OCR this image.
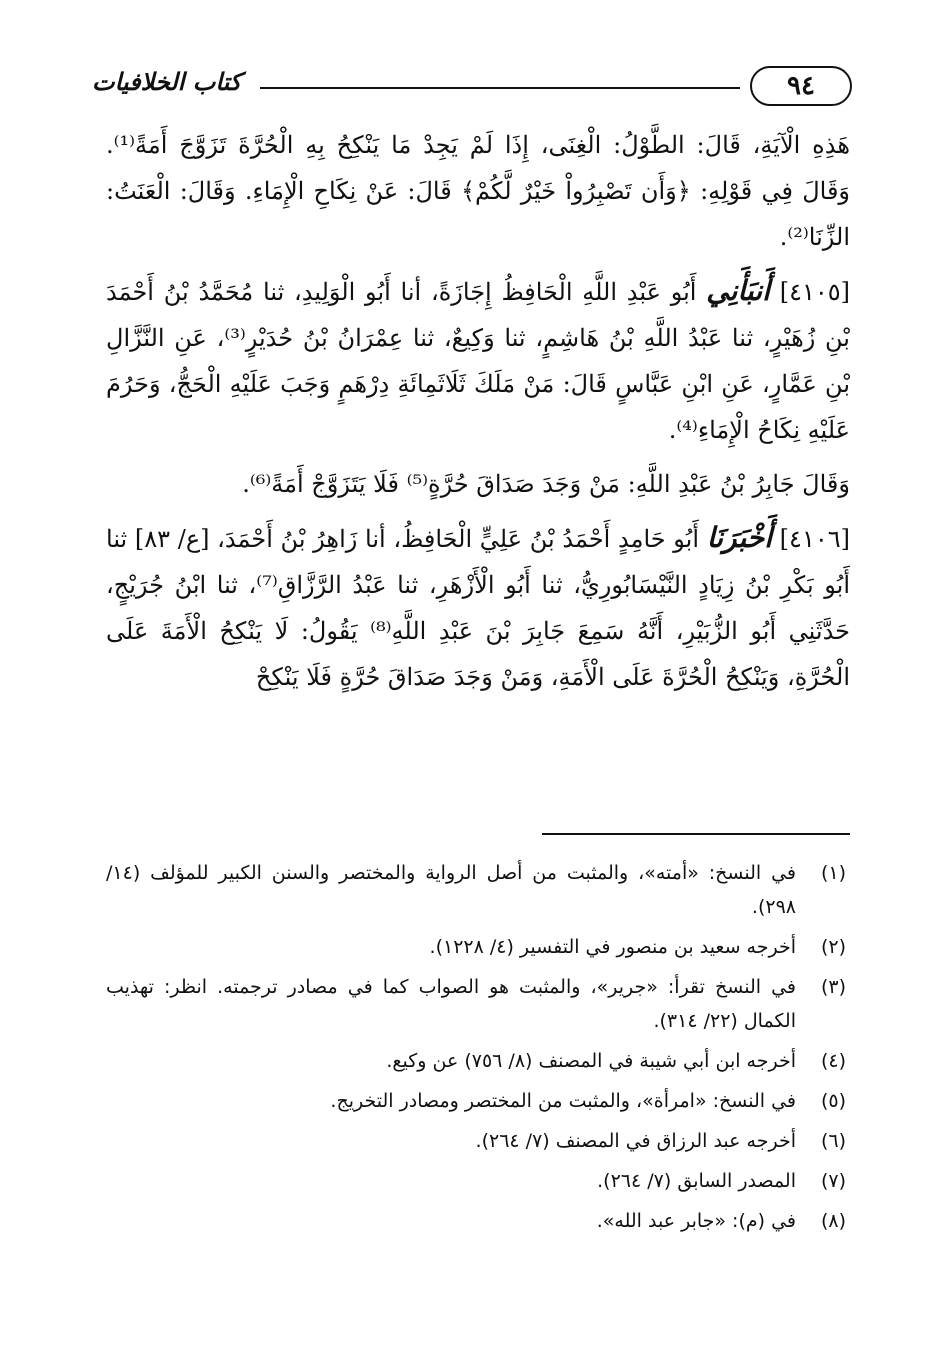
٩٤
كتاب الخلافيات

هَذِهِ الْآيَةِ، قَالَ: الطَّوْلُ: الْغِنَى، إِذَا لَمْ يَجِدْ مَا يَنْكِحُ بِهِ الْحُرَّةَ تَزَوَّجَ أَمَةً⁽¹⁾. وَقَالَ فِي قَوْلِهِ: ﴿وَأَن تَصْبِرُواْ خَيْرٌ لَّكُمْ﴾ قَالَ: عَنْ نِكَاحِ الْإِمَاءِ. وَقَالَ: الْعَنَتُ: الزِّنَا⁽²⁾.

[٤١٠٥] أَنبَأَنِي أَبُو عَبْدِ اللَّهِ الْحَافِظُ إِجَازَةً، أنا أَبُو الْوَلِيدِ، ثنا مُحَمَّدُ بْنُ أَحْمَدَ بْنِ زُهَيْرٍ، ثنا عَبْدُ اللَّهِ بْنُ هَاشِمٍ، ثنا وَكِيعٌ، ثنا عِمْرَانُ بْنُ حُدَيْرٍ⁽³⁾، عَنِ النَّزَّالِ بْنِ عَمَّارٍ، عَنِ ابْنِ عَبَّاسٍ قَالَ: مَنْ مَلَكَ ثَلَاثَمِائَةِ دِرْهَمٍ وَجَبَ عَلَيْهِ الْحَجُّ، وَحَرُمَ عَلَيْهِ نِكَاحُ الْإِمَاءِ⁽⁴⁾.

وَقَالَ جَابِرُ بْنُ عَبْدِ اللَّهِ: مَنْ وَجَدَ صَدَاقَ حُرَّةٍ⁽⁵⁾ فَلَا يَتَزَوَّجْ أَمَةً⁽⁶⁾.

[٤١٠٦] أَخْبَرَنَا أَبُو حَامِدٍ أَحْمَدُ بْنُ عَلِيٍّ الْحَافِظُ، أنا زَاهِرُ بْنُ أَحْمَدَ، [ع/ ٨٣] ثنا أَبُو بَكْرِ بْنُ زِيَادٍ النَّيْسَابُورِيُّ، ثنا أَبُو الْأَزْهَرِ، ثنا عَبْدُ الرَّزَّاقِ⁽⁷⁾، ثنا ابْنُ جُرَيْجٍ، حَدَّثَنِي أَبُو الزُّبَيْرِ، أَنَّهُ سَمِعَ جَابِرَ بْنَ عَبْدِ اللَّهِ⁽⁸⁾ يَقُولُ: لَا يَنْكِحُ الْأَمَةَ عَلَى الْحُرَّةِ، وَيَنْكِحُ الْحُرَّةَ عَلَى الْأَمَةِ، وَمَنْ وَجَدَ صَدَاقَ حُرَّةٍ فَلَا يَنْكِحْ

(١)
في النسخ: «أمته»، والمثبت من أصل الرواية والمختصر والسنن الكبير للمؤلف (١٤/ ٢٩٨).
(٢)
أخرجه سعيد بن منصور في التفسير (٤/ ١٢٢٨).
(٣)
في النسخ تقرأ: «جرير»، والمثبت هو الصواب كما في مصادر ترجمته. انظر: تهذيب الكمال (٢٢/ ٣١٤).
(٤)
أخرجه ابن أبي شيبة في المصنف (٨/ ٧٥٦) عن وكيع.
(٥)
في النسخ: «امرأة»، والمثبت من المختصر ومصادر التخريج.
(٦)
أخرجه عبد الرزاق في المصنف (٧/ ٢٦٤).
(٧)
المصدر السابق (٧/ ٢٦٤).
(٨)
في (م): «جابر عبد الله».
